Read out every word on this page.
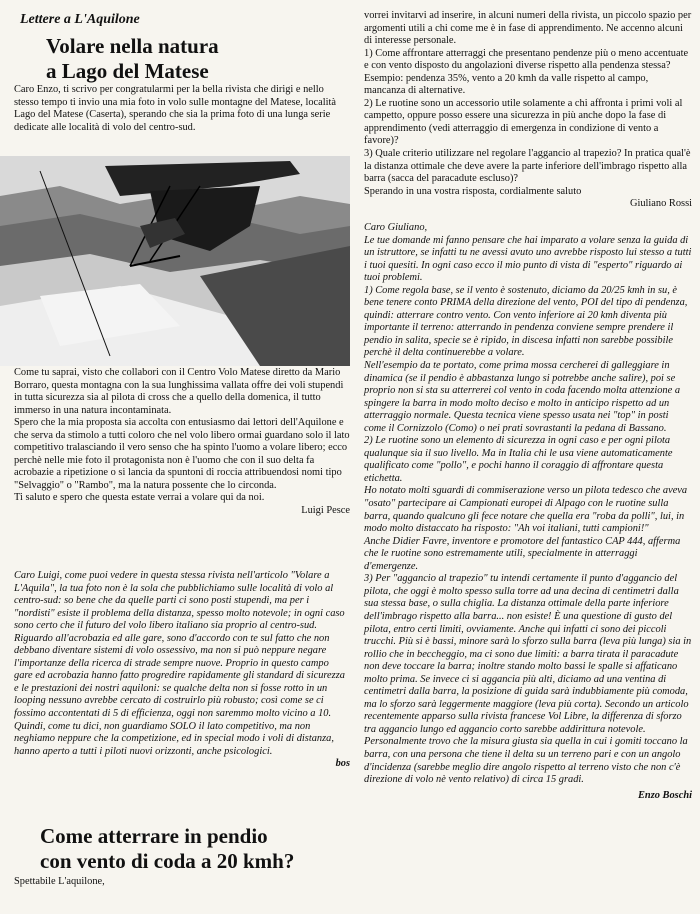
Lettere a L'Aquilone
Volare nella natura
a Lago del Matese

Caro Enzo, ti scrivo per congratularmi per la bella rivista che dirigi e nello stesso tempo ti invio una mia foto in volo sulle montagne del Matese, località Lago del Matese (Caserta), sperando che sia la prima foto di una lunga serie dedicate alle località di volo del centro-sud.

Come tu saprai, visto che collabori con il Centro Volo Matese diretto da Mario Borraro, questa montagna con la sua lunghissima vallata offre dei voli stupendi in tutta sicurezza sia al pilota di cross che a quello della domenica, il tutto immerso in una natura incontaminata.

Spero che la mia proposta sia accolta con entusiasmo dai lettori dell'Aquilone e che serva da stimolo a tutti coloro che nel volo libero ormai guardano solo il lato competitivo tralasciando il vero senso che ha spinto l'uomo a volare libero; ecco perchè nelle mie foto il protagonista non è l'uomo che con il suo delta fa acrobazie a ripetizione o si lancia da spuntoni di roccia attribuendosi nomi tipo "Selvaggio" o "Rambo", ma la natura possente che lo circonda.

Ti saluto e spero che questa estate verrai a volare qui da noi.

Luigi Pesce

Caro Luigi, come puoi vedere in questa stessa rivista nell'articolo "Volare a L'Aquila", la tua foto non è la sola che pubblichiamo sulle località di volo al centro-sud: so bene che da quelle parti ci sono posti stupendi, ma per i "nordisti" esiste il problema della distanza, spesso molto notevole; in ogni caso sono certo che il futuro del volo libero italiano sia proprio al centro-sud. Riguardo all'acrobazia ed alle gare, sono d'accordo con te sul fatto che non debbano diventare sistemi di volo ossessivo, ma non si può neppure negare l'importanze della ricerca di strade sempre nuove. Proprio in questo campo gare ed acrobazia hanno fatto progredire rapidamente gli standard di sicurezza e le prestazioni dei nostri aquiloni: se qualche delta non si fosse rotto in un looping nessuno avrebbe cercato di costruirlo più robusto; così come se ci fossimo accontentati di 5 di efficienza, oggi non saremmo molto vicino a 10.

Quindi, come tu dici, non guardiamo SOLO il lato competitivo, ma non neghiamo neppure che la competizione, ed in special modo i voli di distanza, hanno aperto a tutti i piloti nuovi orizzonti, anche psicologici.

bos

Come atterrare in pendio
con vento di coda a 20 kmh?

Spettabile L'aquilone,

vorrei invitarvi ad inserire, in alcuni numeri della rivista, un piccolo spazio per argomenti utili a chi come me è in fase di apprendimento. Ne accenno alcuni di interesse personale.

1) Come affrontare atterraggi che presentano pendenze più o meno accentuate e con vento disposto du angolazioni diverse rispetto alla pendenza stessa? Esempio: pendenza 35%, vento a 20 kmh da valle rispetto al campo, mancanza di alternative.

2) Le ruotine sono un accessorio utile solamente a chi affronta i primi voli al campetto, oppure posso essere una sicurezza in più anche dopo la fase di apprendimento (vedi atterraggio di emergenza in condizione di vento a favore)?

3) Quale criterio utilizzare nel regolare l'aggancio al trapezio? In pratica qual'è la distanza ottimale che deve avere la parte inferiore dell'imbrago rispetto alla barra (sacca del paracadute escluso)?

Sperando in una vostra risposta, cordialmente saluto

Giuliano Rossi

Caro Giuliano,

Le tue domande mi fanno pensare che hai imparato a volare senza la guida di un istruttore, se infatti tu ne avessi avuto uno avrebbe risposto lui stesso a tutti i tuoi quesiti. In ogni caso ecco il mio punto di vista di "esperto" riguardo ai tuoi problemi.

1) Come regola base, se il vento è sostenuto, diciamo da 20/25 kmh in su, è bene tenere conto PRIMA della direzione del vento, POI del tipo di pendenza, quindi: atterrare contro vento. Con vento inferiore ai 20 kmh diventa più importante il terreno: atterrando in pendenza conviene sempre prendere il pendio in salita, specie se è ripido, in discesa infatti non sarebbe possibile perchè il delta continuerebbe a volare.

Nell'esempio da te portato, come prima mossa cercherei di galleggiare in dinamica (se il pendio è abbastanza lungo si potrebbe anche salire), poi se proprio non si sta su atterrerei col vento in coda facendo molta attenzione a spingere la barra in modo molto deciso e molto in anticipo rispetto ad un atterraggio normale. Questa tecnica viene spesso usata nei "top" in posti come il Cornizzolo (Como) o nei prati sovrastanti la pedana di Bassano.

2) Le ruotine sono un elemento di sicurezza in ogni caso e per ogni pilota qualunque sia il suo livello. Ma in Italia chi le usa viene automaticamente qualificato come "pollo", e pochi hanno il coraggio di affrontare questa etichetta.

Ho notato molti sguardi di commiserazione verso un pilota tedesco che aveva "osato" partecipare ai Campionati europei di Alpago con le ruotine sulla barra, quando qualcuno gli fece notare che quella era "roba da polli", lui, in modo molto distaccato ha risposto: "Ah voi italiani, tutti campioni!"

Anche Didier Favre, inventore e promotore del fantastico CAP 444, afferma che le ruotine sono estremamente utili, specialmente in atterraggi d'emergenze.

3) Per "aggancio al trapezio" tu intendi certamente il punto d'aggancio del pilota, che oggi è molto spesso sulla torre ad una decina di centimetri dalla sua stessa base, o sulla chiglia. La distanza ottimale della parte inferiore dell'imbrago rispetto alla barra... non esiste! È una questione di gusto del pilota, entro certi limiti, ovviamente. Anche qui infatti ci sono dei piccoli trucchi. Più si è bassi, minore sarà lo sforzo sulla barra (leva più lunga) sia in rollio che in beccheggio, ma ci sono due limiti: a barra tirata il paracadute non deve toccare la barra; inoltre stando molto bassi le spalle si affaticano molto prima. Se invece ci si aggancia più alti, diciamo ad una ventina di centimetri dalla barra, la posizione di guida sarà indubbiamente più comoda, ma lo sforzo sarà leggermente maggiore (leva più corta). Secondo un articolo recentemente apparso sulla rivista francese Vol Libre, la differenza di sforzo tra aggancio lungo ed aggancio corto sarebbe addirittura notevole.

Personalmente trovo che la misura giusta sia quella in cui i gomiti toccano la barra, con una persona che tiene il delta su un terreno pari e con un angolo d'incidenza (sarebbe meglio dire angolo rispetto al terreno visto che non c'è direzione di volo nè vento relativo) di circa 15 gradi.

Enzo Boschi
